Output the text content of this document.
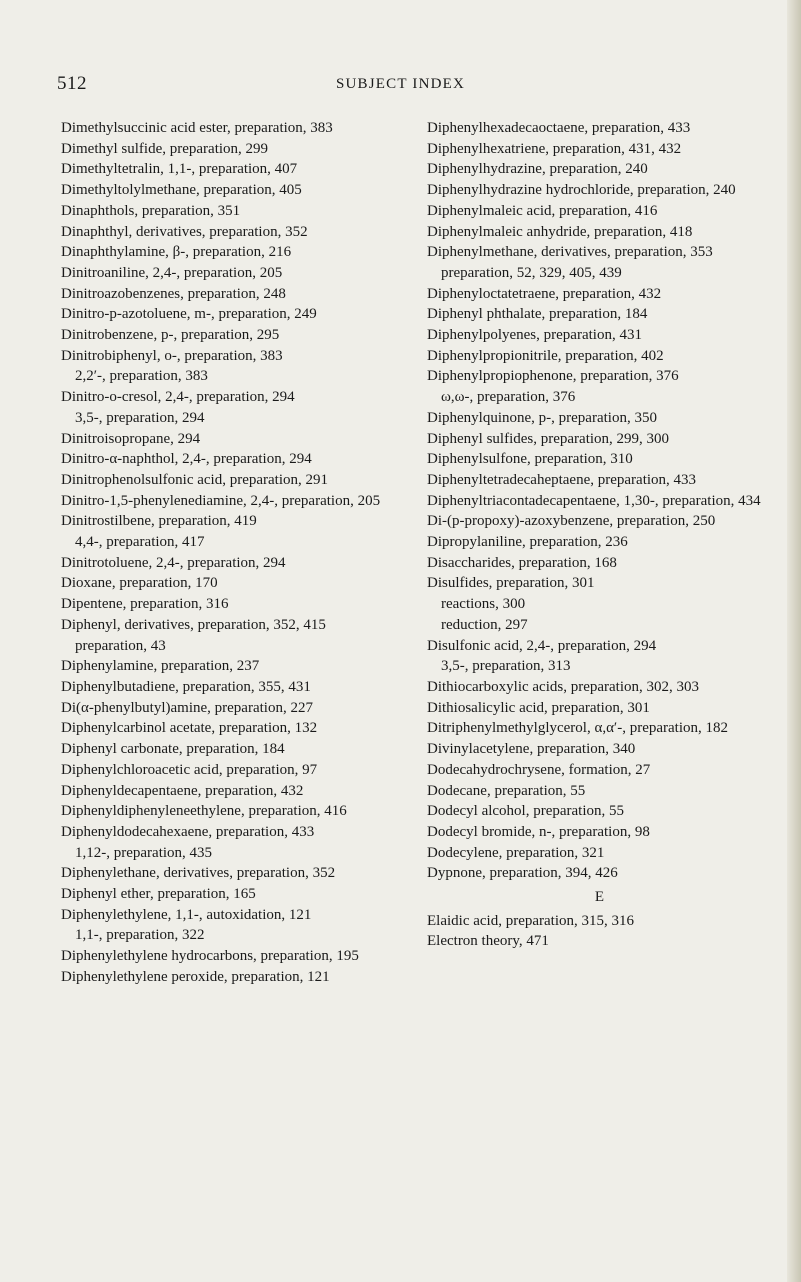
512	SUBJECT INDEX
Dimethylsuccinic acid ester, preparation, 383
Dimethyl sulfide, preparation, 299
Dimethyltetralin, 1,1-, preparation, 407
Dimethyltolylmethane, preparation, 405
Dinaphthols, preparation, 351
Dinaphthyl, derivatives, preparation, 352
Dinaphthylamine, β-, preparation, 216
Dinitroaniline, 2,4-, preparation, 205
Dinitroazobenzenes, preparation, 248
Dinitro-p-azotoluene, m-, preparation, 249
Dinitrobenzene, p-, preparation, 295
Dinitrobiphenyl, o-, preparation, 383
2,2′-, preparation, 383
Dinitro-o-cresol, 2,4-, preparation, 294
3,5-, preparation, 294
Dinitroisopropane, 294
Dinitro-α-naphthol, 2,4-, preparation, 294
Dinitrophenolsulfonic acid, preparation, 291
Dinitro-1,5-phenylenediamine, 2,4-, preparation, 205
Dinitrostilbene, preparation, 419
4,4-, preparation, 417
Dinitrotoluene, 2,4-, preparation, 294
Dioxane, preparation, 170
Dipentene, preparation, 316
Diphenyl, derivatives, preparation, 352, 415
preparation, 43
Diphenylamine, preparation, 237
Diphenylbutadiene, preparation, 355, 431
Di(α-phenylbutyl)amine, preparation, 227
Diphenylcarbinol acetate, preparation, 132
Diphenyl carbonate, preparation, 184
Diphenylchloroacetic acid, preparation, 97
Diphenyldecapentaene, preparation, 432
Diphenyldiphenyleneethylene, preparation, 416
Diphenyldodecahexaene, preparation, 433
1,12-, preparation, 435
Diphenylethane, derivatives, preparation, 352
Diphenyl ether, preparation, 165
Diphenylethylene, 1,1-, autoxidation, 121
1,1-, preparation, 322
Diphenylethylene hydrocarbons, preparation, 195
Diphenylethylene peroxide, preparation, 121
Diphenylhexadecaoctaene, preparation, 433
Diphenylhexatriene, preparation, 431, 432
Diphenylhydrazine, preparation, 240
Diphenylhydrazine hydrochloride, preparation, 240
Diphenylmaleic acid, preparation, 416
Diphenylmaleic anhydride, preparation, 418
Diphenylmethane, derivatives, preparation, 353
preparation, 52, 329, 405, 439
Diphenyloctatetraene, preparation, 432
Diphenyl phthalate, preparation, 184
Diphenylpolyenes, preparation, 431
Diphenylpropionitrile, preparation, 402
Diphenylpropiophenone, preparation, 376
ω,ω-, preparation, 376
Diphenylquinone, p-, preparation, 350
Diphenyl sulfides, preparation, 299, 300
Diphenylsulfone, preparation, 310
Diphenyltetradecaheptaene, preparation, 433
Diphenyltriacontadecapentaene, 1,30-, preparation, 434
Di-(p-propoxy)-azoxybenzene, preparation, 250
Dipropylaniline, preparation, 236
Disaccharides, preparation, 168
Disulfides, preparation, 301
reactions, 300
reduction, 297
Disulfonic acid, 2,4-, preparation, 294
3,5-, preparation, 313
Dithiocarboxylic acids, preparation, 302, 303
Dithiosalicylic acid, preparation, 301
Ditriphenylmethylglycerol, α,α′-, preparation, 182
Divinylacetylene, preparation, 340
Dodecahydrochrysene, formation, 27
Dodecane, preparation, 55
Dodecyl alcohol, preparation, 55
Dodecyl bromide, n-, preparation, 98
Dodecylene, preparation, 321
Dypnone, preparation, 394, 426
E
Elaidic acid, preparation, 315, 316
Electron theory, 471
